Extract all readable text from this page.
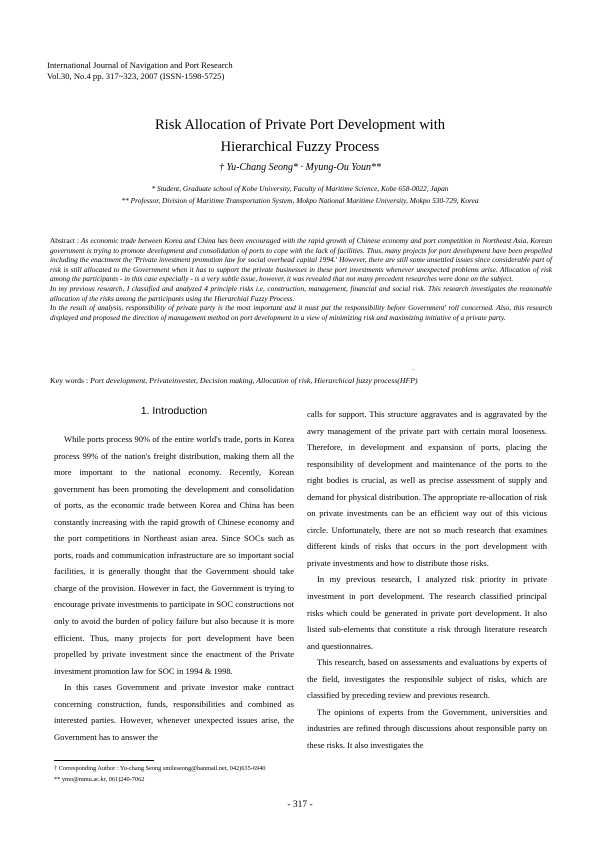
International Journal of Navigation and Port Research
Vol.30, No.4 pp. 317~323, 2007 (ISSN-1598-5725)
Risk Allocation of Private Port Development with
Hierarchical Fuzzy Process
† Yu-Chang Seong* · Myung-Ou Youn**
* Student, Graduate school of Kobe University, Faculty of Maritime Science, Kobe 658-0022, Japan
** Professor, Division of Maritime Transportation System, Mokpo National Maritime University, Mokpo 530-729, Korea

Abstract : As economic trade between Korea and China has been encouraged with the rapid growth of Chinese economy and port competition in Northeast Asia, Korean government is trying to promote development and consolidation of ports to cope with the lack of facilities. Thus, many projects for port development have been propelled including the enactment the 'Private investment promotion law for social overhead capital 1994.' However, there are still some unsettled issues since considerable part of risk is still allocated to the Government when it has to support the private businesses in these port investments whenever unexpected problems arise. Allocation of risk among the participants - in this case especially - is a very subtle issue, however, it was revealed that not many precedent researches were done on the subject.

In my previous research, I classified and analyzed 4 principle risks i.e, construction, management, financial and social risk. This research investigates the reasonable allocation of the risks among the participants using the Hierarchial Fuzzy Process.

In the result of analysis, responsibility of private party is the most important and it must put the responsibility before Government' roll concerned. Also, this research displayed and proposed the direction of management method on port development in a view of minimizing risk and maximizing initiative of a private party.

·
Key words : Port development, Privateinvestet, Decision making, Allocation of risk, Hierarchical fuzzy process(HFP)
1. Introduction

While ports process 90% of the entire world's trade, ports in Korea process 99% of the nation's freight distribution, making them all the more important to the national economy. Recently, Korean government has been promoting the development and consolidation of ports, as the economic trade between Korea and China has been constantly increasing with the rapid growth of Chinese economy and the port competitions in Northeast asian area. Since SOCs such as ports, roads and communication infrastructure are so important social facilities, it is generally thought that the Government should take charge of the provision. However in fact, the Government is trying to encourage private investments to participate in SOC constructions not only to avoid the burden of policy failure but also because it is more efficient. Thus, many projects for port development have been propelled by private investment since the enactment of the Private investment promotion law for SOC in 1994 & 1998.

In this cases Government and private investor make contract concerning construction, funds, responsibilities and combined as interested parties. However, whenever unexpected issues arise, the Government has to answer the

calls for support. This structure aggravates and is aggravated by the awry management of the private part with certain moral looseness. Therefore, in development and expansion of ports, placing the responsibility of development and maintenance of the ports to the right bodies is crucial, as well as precise assessment of supply and demand for physical distribution. The appropriate re-allocation of risk on private investments can be an efficient way out of this vicious circle. Unfortunately, there are not so much research that examines different kinds of risks that occurs in the port development with private investments and how to distribute those risks.

In my previous research, I analyzed risk priority in private investment in port development. The research classified principal risks which could be generated in private port development. It also listed sub-elements that constitute a risk through literature research and questionnaires.

This research, based on assessments and evaluations by experts of the field, investigates the responsible subject of risks, which are classified by preceding review and previous research.

The opinions of experts from the Government, universities and industries are refined through discussions about responsible party on these risks. It also investigates the

† Corresponding Author : Yu-chang Seong smileseong@hanmail.net, 042)635-6940
** ymo@mmu.ac.kr, 061)240-7062
- 317 -
